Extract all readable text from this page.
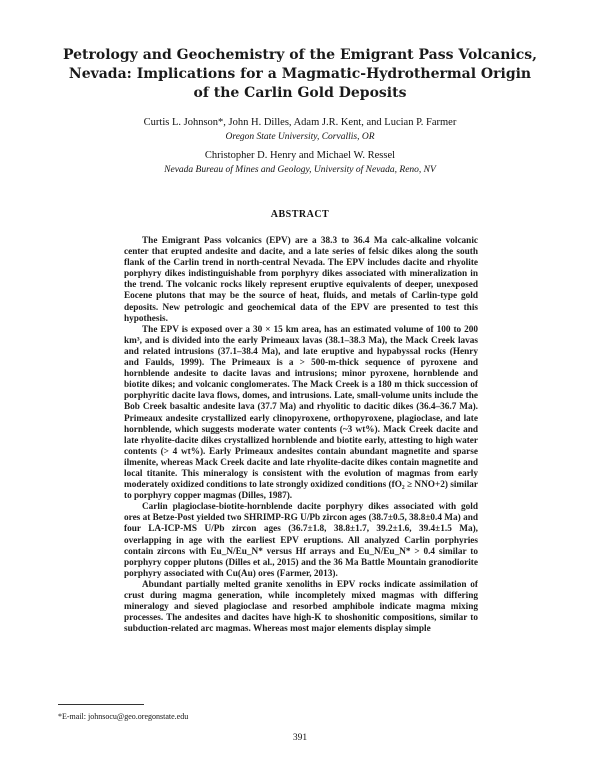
Petrology and Geochemistry of the Emigrant Pass Volcanics,
Nevada: Implications for a Magmatic-Hydrothermal Origin
of the Carlin Gold Deposits
Curtis L. Johnson*, John H. Dilles, Adam J.R. Kent, and Lucian P. Farmer
Oregon State University, Corvallis, OR
Christopher D. Henry and Michael W. Ressel
Nevada Bureau of Mines and Geology, University of Nevada, Reno, NV
ABSTRACT

The Emigrant Pass volcanics (EPV) are a 38.3 to 36.4 Ma calc-alkaline volcanic center that erupted andesite and dacite, and a late series of felsic dikes along the south flank of the Carlin trend in north-central Nevada. The EPV includes dacite and rhyolite porphyry dikes indistinguishable from porphyry dikes associated with mineralization in the trend. The volcanic rocks likely represent eruptive equivalents of deeper, unexposed Eocene plutons that may be the source of heat, fluids, and metals of Carlin-type gold deposits. New petrologic and geochemical data of the EPV are presented to test this hypothesis.

The EPV is exposed over a 30 × 15 km area, has an estimated volume of 100 to 200 km³, and is divided into the early Primeaux lavas (38.1–38.3 Ma), the Mack Creek lavas and related intrusions (37.1–38.4 Ma), and late eruptive and hypabyssal rocks (Henry and Faulds, 1999). The Primeaux is a > 500-m-thick sequence of pyroxene and hornblende andesite to dacite lavas and intrusions; minor pyroxene, hornblende and biotite dikes; and volcanic conglomerates. The Mack Creek is a 180 m thick succession of porphyritic dacite lava flows, domes, and intrusions. Late, small-volume units include the Bob Creek basaltic andesite lava (37.7 Ma) and rhyolitic to dacitic dikes (36.4–36.7 Ma). Primeaux andesite crystallized early clinopyroxene, orthopyroxene, plagioclase, and late hornblende, which suggests moderate water contents (~3 wt%). Mack Creek dacite and late rhyolite-dacite dikes crystallized hornblende and biotite early, attesting to high water contents (> 4 wt%). Early Primeaux andesites contain abundant magnetite and sparse ilmenite, whereas Mack Creek dacite and late rhyolite-dacite dikes contain magnetite and local titanite. This mineralogy is consistent with the evolution of magmas from early moderately oxidized conditions to late strongly oxidized conditions (fO₂ ≥ NNO+2) similar to porphyry copper magmas (Dilles, 1987).

Carlin plagioclase-biotite-hornblende dacite porphyry dikes associated with gold ores at Betze-Post yielded two SHRIMP-RG U/Pb zircon ages (38.7±0.5, 38.8±0.4 Ma) and four LA-ICP-MS U/Pb zircon ages (36.7±1.8, 38.8±1.7, 39.2±1.6, 39.4±1.5 Ma), overlapping in age with the earliest EPV eruptions. All analyzed Carlin porphyries contain zircons with Eu_N/Eu_N* versus Hf arrays and Eu_N/Eu_N* > 0.4 similar to porphyry copper plutons (Dilles et al., 2015) and the 36 Ma Battle Mountain granodiorite porphyry associated with Cu(Au) ores (Farmer, 2013).

Abundant partially melted granite xenoliths in EPV rocks indicate assimilation of crust during magma generation, while incompletely mixed magmas with differing mineralogy and sieved plagioclase and resorbed amphibole indicate magma mixing processes. The andesites and dacites have high-K to shoshonitic compositions, similar to subduction-related arc magmas. Whereas most major elements display simple

*E-mail: johnsocu@geo.oregonstate.edu
391
